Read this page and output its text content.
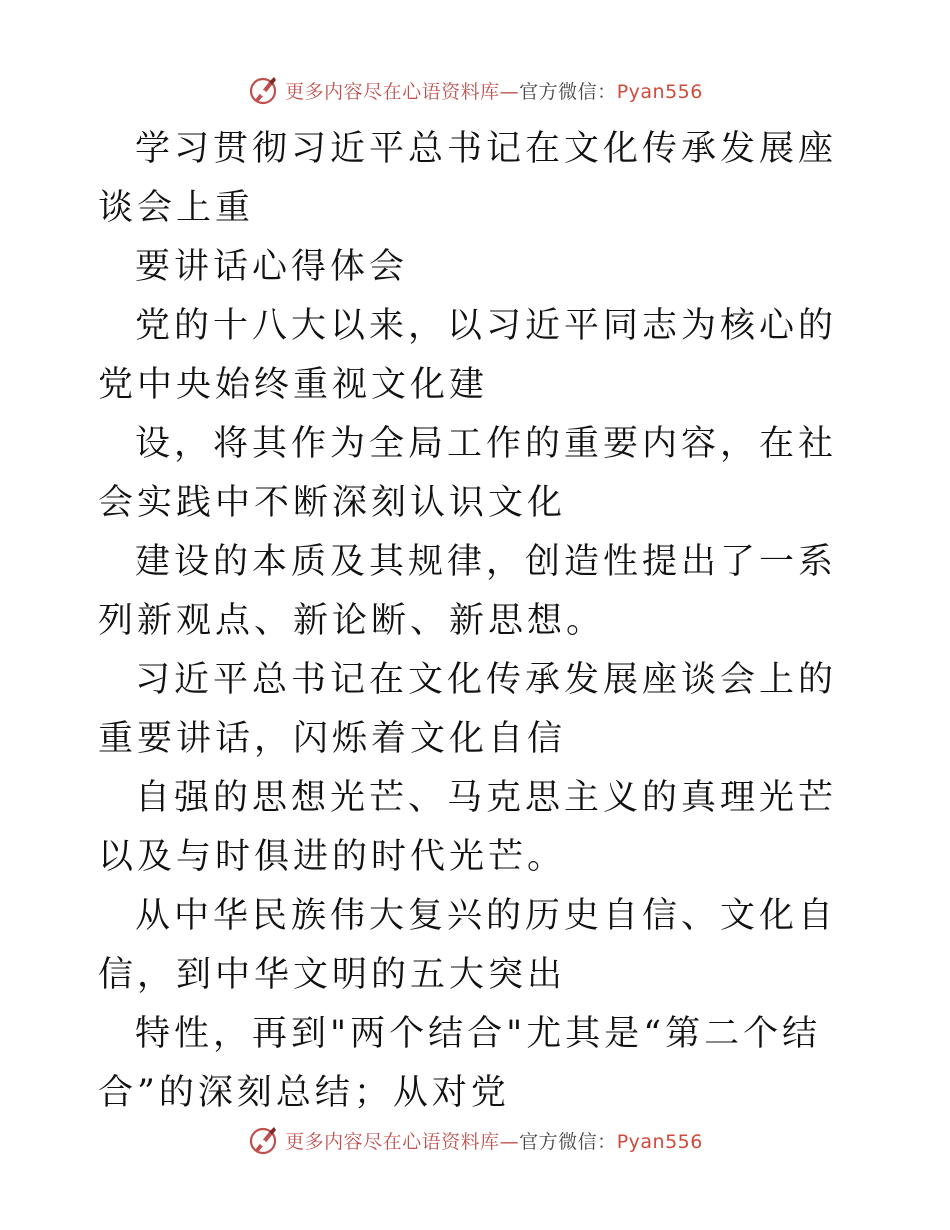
更多内容尽在心语资料库—官方微信：Pyan556

学习贯彻习近平总书记在文化传承发展座谈会上重

要讲话心得体会

党的十八大以来，以习近平同志为核心的党中央始终重视文化建

设，将其作为全局工作的重要内容，在社会实践中不断深刻认识文化

建设的本质及其规律，创造性提出了一系列新观点、新论断、新思想。

习近平总书记在文化传承发展座谈会上的重要讲话，闪烁着文化自信

自强的思想光芒、马克思主义的真理光芒以及与时俱进的时代光芒。

从中华民族伟大复兴的历史自信、文化自信，到中华文明的五大突出

特性，再到"两个结合"尤其是“第二个结合”的深刻总结；从对党

更多内容尽在心语资料库—官方微信：Pyan556
